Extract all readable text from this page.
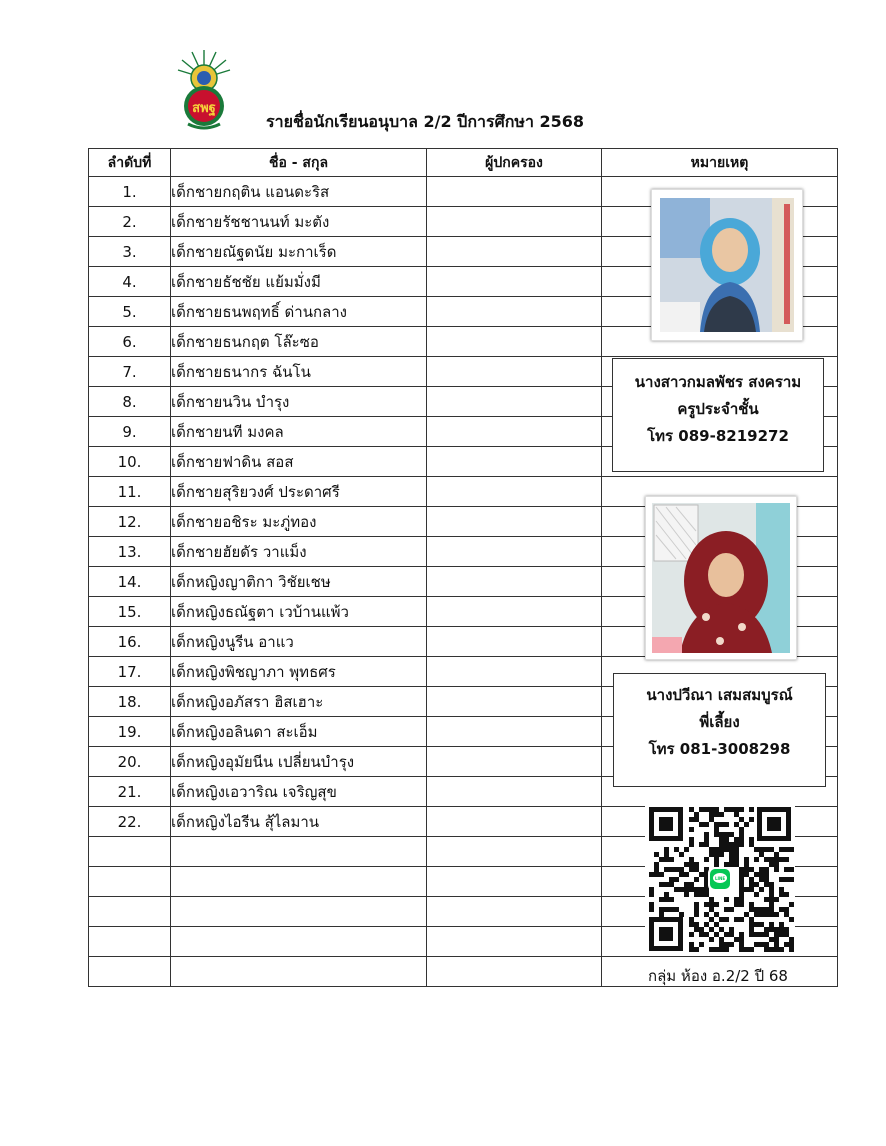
สพฐ
รายชื่อนักเรียนอนุบาล 2/2 ปีการศึกษา 2568
ลำดับที่	ชื่อ - สกุล	ผู้ปกครอง	หมายเหตุ
1.	เด็กชายกฤติน แอนดะริส		
2.	เด็กชายรัชชานนท์ มะตัง		
3.	เด็กชายณัฐดนัย มะกาเร็ด		
4.	เด็กชายธัชชัย แย้มมั่งมี		
5.	เด็กชายธนพฤทธิ์ ด่านกลาง		
6.	เด็กชายธนกฤต โล๊ะซอ		
7.	เด็กชายธนากร ฉันโน		
8.	เด็กชายนวิน บำรุง		
9.	เด็กชายนที มงคล		
10.	เด็กชายฟาดิน สอส		
11.	เด็กชายสุริยวงศ์ ประดาศรี		
12.	เด็กชายอชิระ มะภู่ทอง		
13.	เด็กชายฮัยดัร วาแม็ง		
14.	เด็กหญิงญาติกา วิชัยเชษ		
15.	เด็กหญิงธณัฐตา เวบ้านแพ้ว		
16.	เด็กหญิงนูรีน อาแว		
17.	เด็กหญิงพิชญาภา พุทธศร		
18.	เด็กหญิงอภัสรา ฮิสเฮาะ		
19.	เด็กหญิงอลินดา สะเอ็ม		
20.	เด็กหญิงอุมัยนีน เปลี่ยนบำรุง		
21.	เด็กหญิงเอวาริณ เจริญสุข		
22.	เด็กหญิงไอรีน สุ้ไลมาน		

นางสาวกมลพัชร สงคราม
ครูประจำชั้น
โทร 089-8219272
นางปวีณา เสมสมบูรณ์
พี่เลี้ยง
โทร 081-3008298
LINE
กลุ่ม ห้อง อ.2/2 ปี 68
